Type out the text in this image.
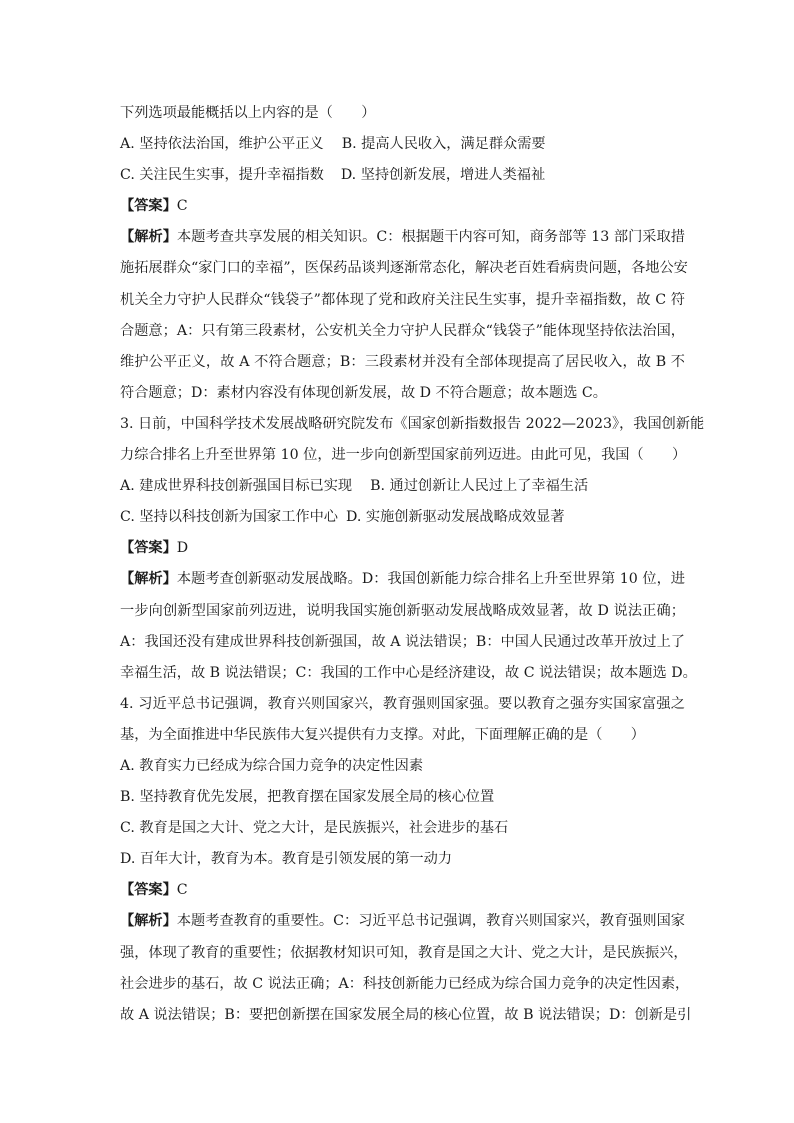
下列选项最能概括以上内容的是（　　）
A. 坚持依法治国，维护公平正义 B. 提高人民收入，满足群众需要
C. 关注民生实事，提升幸福指数 D. 坚持创新发展，增进人类福祉
【答案】C
【解析】本题考查共享发展的相关知识。C：根据题干内容可知，商务部等 13 部门采取措
施拓展群众“家门口的幸福”，医保药品谈判逐渐常态化，解决老百姓看病贵问题，各地公安
机关全力守护人民群众“钱袋子”都体现了党和政府关注民生实事，提升幸福指数，故 C 符
合题意；A：只有第三段素材，公安机关全力守护人民群众“钱袋子”能体现坚持依法治国，
维护公平正义，故 A 不符合题意；B：三段素材并没有全部体现提高了居民收入，故 B 不
符合题意；D：素材内容没有体现创新发展，故 D 不符合题意；故本题选 C。
3. 日前，中国科学技术发展战略研究院发布《国家创新指数报告 2022—2023》，我国创新能
力综合排名上升至世界第 10 位，进一步向创新型国家前列迈进。由此可见，我国（　　）
A. 建成世界科技创新强国目标已实现 B. 通过创新让人民过上了幸福生活
C. 坚持以科技创新为国家工作中心 D. 实施创新驱动发展战略成效显著
【答案】D
【解析】本题考查创新驱动发展战略。D：我国创新能力综合排名上升至世界第 10 位，进
一步向创新型国家前列迈进，说明我国实施创新驱动发展战略成效显著，故 D 说法正确；
A：我国还没有建成世界科技创新强国，故 A 说法错误；B：中国人民通过改革开放过上了
幸福生活，故 B 说法错误；C：我国的工作中心是经济建设，故 C 说法错误；故本题选 D。
4. 习近平总书记强调，教育兴则国家兴，教育强则国家强。要以教育之强夯实国家富强之
基，为全面推进中华民族伟大复兴提供有力支撑。对此，下面理解正确的是（　　）
A. 教育实力已经成为综合国力竞争的决定性因素
B. 坚持教育优先发展，把教育摆在国家发展全局的核心位置
C. 教育是国之大计、党之大计，是民族振兴，社会进步的基石
D. 百年大计，教育为本。教育是引领发展的第一动力
【答案】C
【解析】本题考查教育的重要性。C：习近平总书记强调，教育兴则国家兴，教育强则国家
强，体现了教育的重要性；依据教材知识可知，教育是国之大计、党之大计，是民族振兴，
社会进步的基石，故 C 说法正确；A：科技创新能力已经成为综合国力竞争的决定性因素，
故 A 说法错误；B：要把创新摆在国家发展全局的核心位置，故 B 说法错误；D：创新是引
